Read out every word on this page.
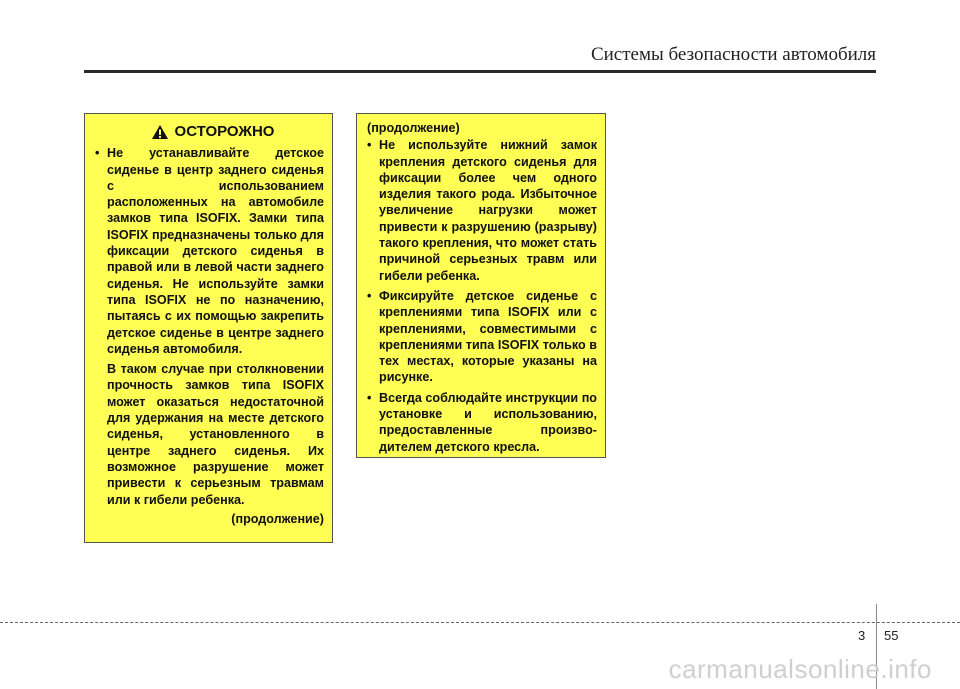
Системы безопасности автомобиля
ОСТОРОЖНО
• Не устанавливайте детское сиденье в центр заднего сиденья с использованием расположенных на автомобиле замков типа ISOFIX. Замки типа ISOFIX предназначены только для фиксации детского сиденья в правой или в левой части заднего сиденья. Не используйте замки типа ISOFIX не по назначению, пытаясь с их помощью закрепить детское сиденье в центре заднего сиденья автомобиля.
В таком случае при столкновении прочность замков типа ISOFIX может оказаться недостаточной для удержания на месте детского сиденья, установленного в центре заднего сиденья. Их возможное разрушение может привести к серьезным травмам или к гибели ребенка.
(продолжение)
(продолжение)
• Не используйте нижний замок крепления детского сиденья для фиксации более чем одного изделия такого рода. Избыточное увеличение нагрузки может привести к разрушению (разрыву) такого крепления, что может стать причиной серьезных травм или гибели ребенка.
• Фиксируйте детское сиденье с креплениями типа ISOFIX или с креплениями, совместимыми с креплениями типа ISOFIX только в тех местах, которые указаны на рисунке.
• Всегда соблюдайте инструкции по установке и использованию, предоставленные произво-дителем детского кресла.
3 55
carmanualsonline.info
